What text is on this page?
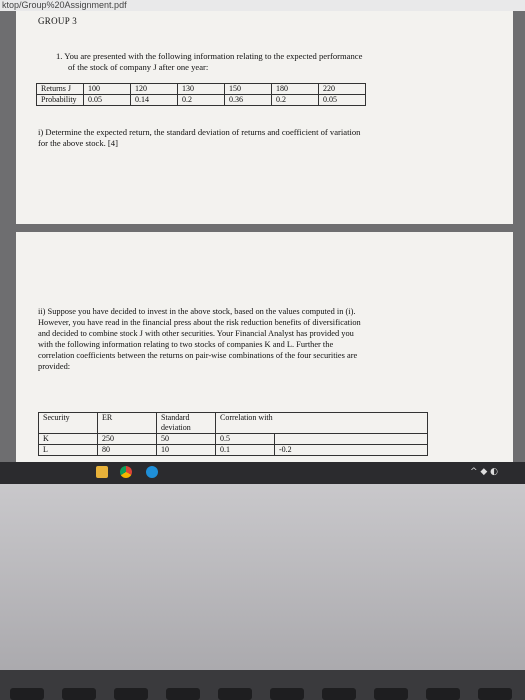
ktop/Group%20Assignment.pdf
GROUP 3
1. You are presented with the following information relating to the expected performance
of the stock of company J after one year:
Returns J	100	120	130	150	180	220
Probability	0.05	0.14	0.2	0.36	0.2	0.05
i) Determine the expected return, the standard deviation of returns and coefficient of variation
for the above stock. [4]
ii) Suppose you have decided to invest in the above stock, based on the values computed in (i).
However, you have read in the financial press about the risk reduction benefits of diversification
and decided to combine stock J with other securities. Your Financial Analyst has provided you
with the following information relating to two stocks of companies K and L. Further the
correlation coefficients between the returns on pair-wise combinations of the four securities are
provided:
Security	ER	Standard deviation	Correlation with	
K	250	50	0.5	
L	80	10	0.1	-0.2
^ ◆ ◐
